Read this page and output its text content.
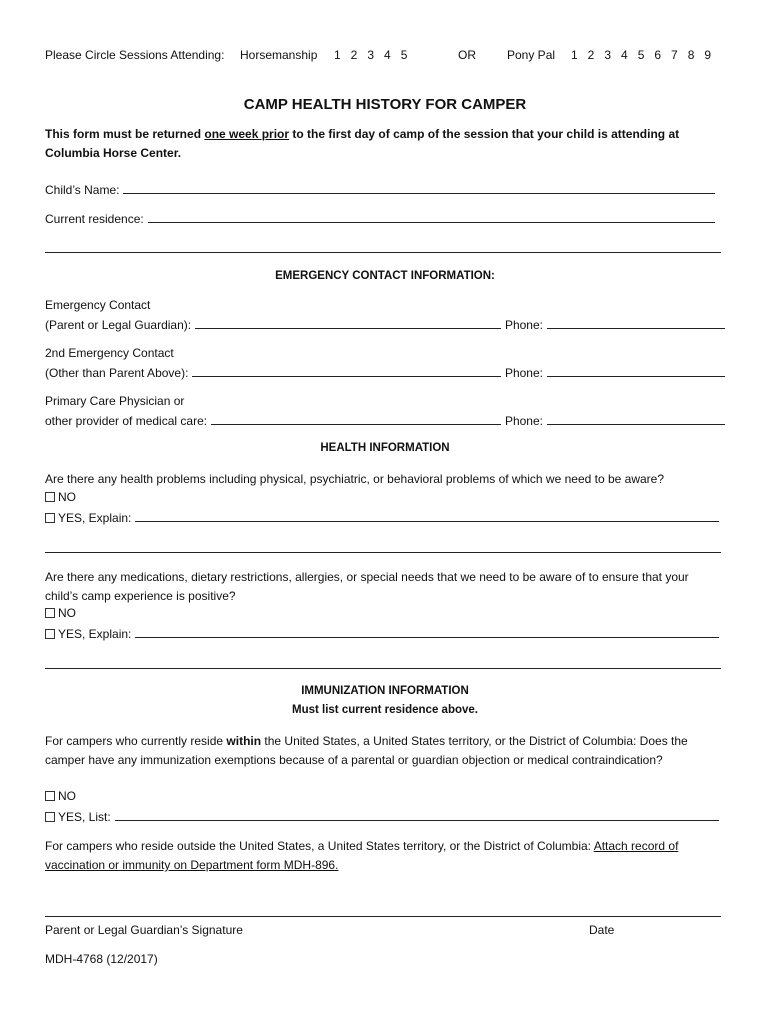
Please Circle Sessions Attending: Horsemanship 1   2   3   4   5	OR	Pony Pal 1   2   3   4   5   6   7   8   9
CAMP HEALTH HISTORY FOR CAMPER
This form must be returned one week prior to the first day of camp of the session that your child is attending at Columbia Horse Center.
Child’s Name:
Current residence:
EMERGENCY CONTACT INFORMATION:
Emergency Contact
(Parent or Legal Guardian):	Phone:
2nd Emergency Contact
(Other than Parent Above):	Phone:
Primary Care Physician or
other provider of medical care:	Phone:
HEALTH INFORMATION
Are there any health problems including physical, psychiatric, or behavioral problems of which we need to be aware?
NO
YES, Explain:
Are there any medications, dietary restrictions, allergies, or special needs that we need to be aware of to ensure that your child’s camp experience is positive?
NO
YES, Explain:
IMMUNIZATION INFORMATION
Must list current residence above.
For campers who currently reside within the United States, a United States territory, or the District of Columbia: Does the camper have any immunization exemptions because of a parental or guardian objection or medical contraindication?
NO
YES, List:
For campers who reside outside the United States, a United States territory, or the District of Columbia: Attach record of vaccination or immunity on Department form MDH-896.
Parent or Legal Guardian’s Signature	Date
MDH-4768 (12/2017)
